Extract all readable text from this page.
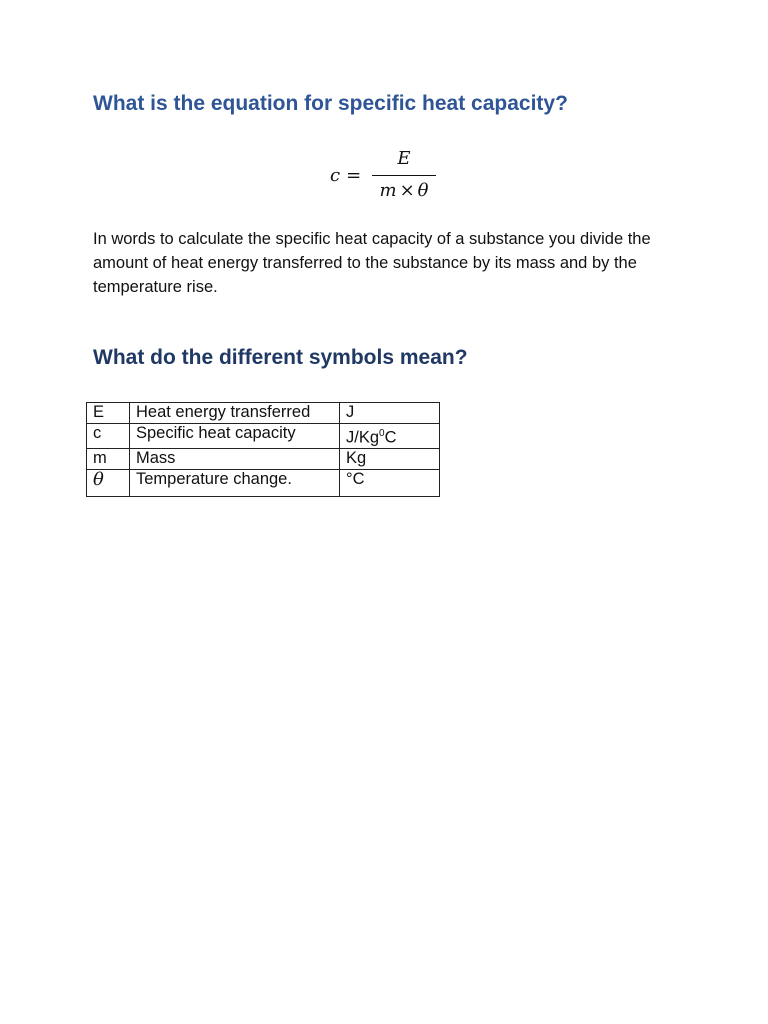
What is the equation for specific heat capacity?
c =
E
m × θ

In words to calculate the specific heat capacity of a substance you divide the amount of heat energy transferred to the substance by its mass and by the temperature rise.

What do the different symbols mean?
E	Heat energy transferred	J
c	Specific heat capacity	J/Kg$^0$C
m	Mass	Kg
θ	Temperature change.	°C
